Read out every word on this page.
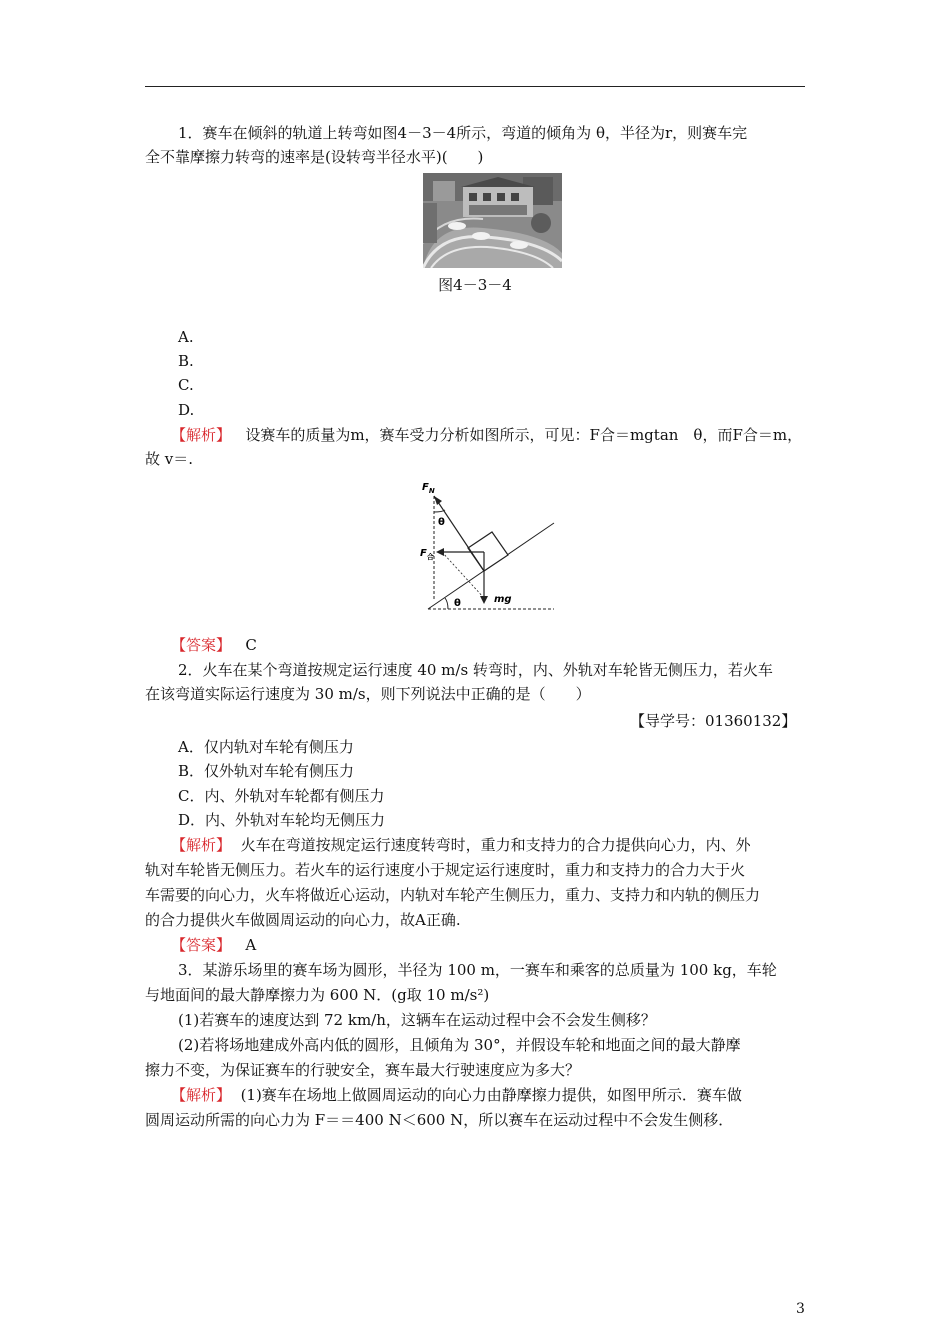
1．赛车在倾斜的轨道上转弯如图4－3－4所示，弯道的倾角为 θ，半径为r，则赛车完
全不靠摩擦力转弯的速率是(设转弯半径水平)(　　)
图4－3－4
A.
B.
C.
D.
【解析】 设赛车的质量为m，赛车受力分析如图所示，可见：F合＝mgtan　θ，而F合＝m，
故 v＝.
$F_N$
θ
$F_合$
mg
θ
【答案】 C
2．火车在某个弯道按规定运行速度 40 m/s 转弯时，内、外轨对车轮皆无侧压力，若火车
在该弯道实际运行速度为 30 m/s，则下列说法中正确的是（　　）
【导学号：01360132】
A．仅内轨对车轮有侧压力
B．仅外轨对车轮有侧压力
C．内、外轨对车轮都有侧压力
D．内、外轨对车轮均无侧压力
【解析】 火车在弯道按规定运行速度转弯时，重力和支持力的合力提供向心力，内、外
轨对车轮皆无侧压力。若火车的运行速度小于规定运行速度时，重力和支持力的合力大于火
车需要的向心力，火车将做近心运动，内轨对车轮产生侧压力，重力、支持力和内轨的侧压力
的合力提供火车做圆周运动的向心力，故A正确.
【答案】 A
3．某游乐场里的赛车场为圆形，半径为 100 m，一赛车和乘客的总质量为 100 kg，车轮
与地面间的最大静摩擦力为 600 N．(g取 10 m/s²)
(1)若赛车的速度达到 72 km/h，这辆车在运动过程中会不会发生侧移？
(2)若将场地建成外高内低的圆形，且倾角为 30°，并假设车轮和地面之间的最大静摩
擦力不变，为保证赛车的行驶安全，赛车最大行驶速度应为多大？
【解析】 (1)赛车在场地上做圆周运动的向心力由静摩擦力提供，如图甲所示．赛车做
圆周运动所需的向心力为 F＝＝400 N＜600 N，所以赛车在运动过程中不会发生侧移．
3
